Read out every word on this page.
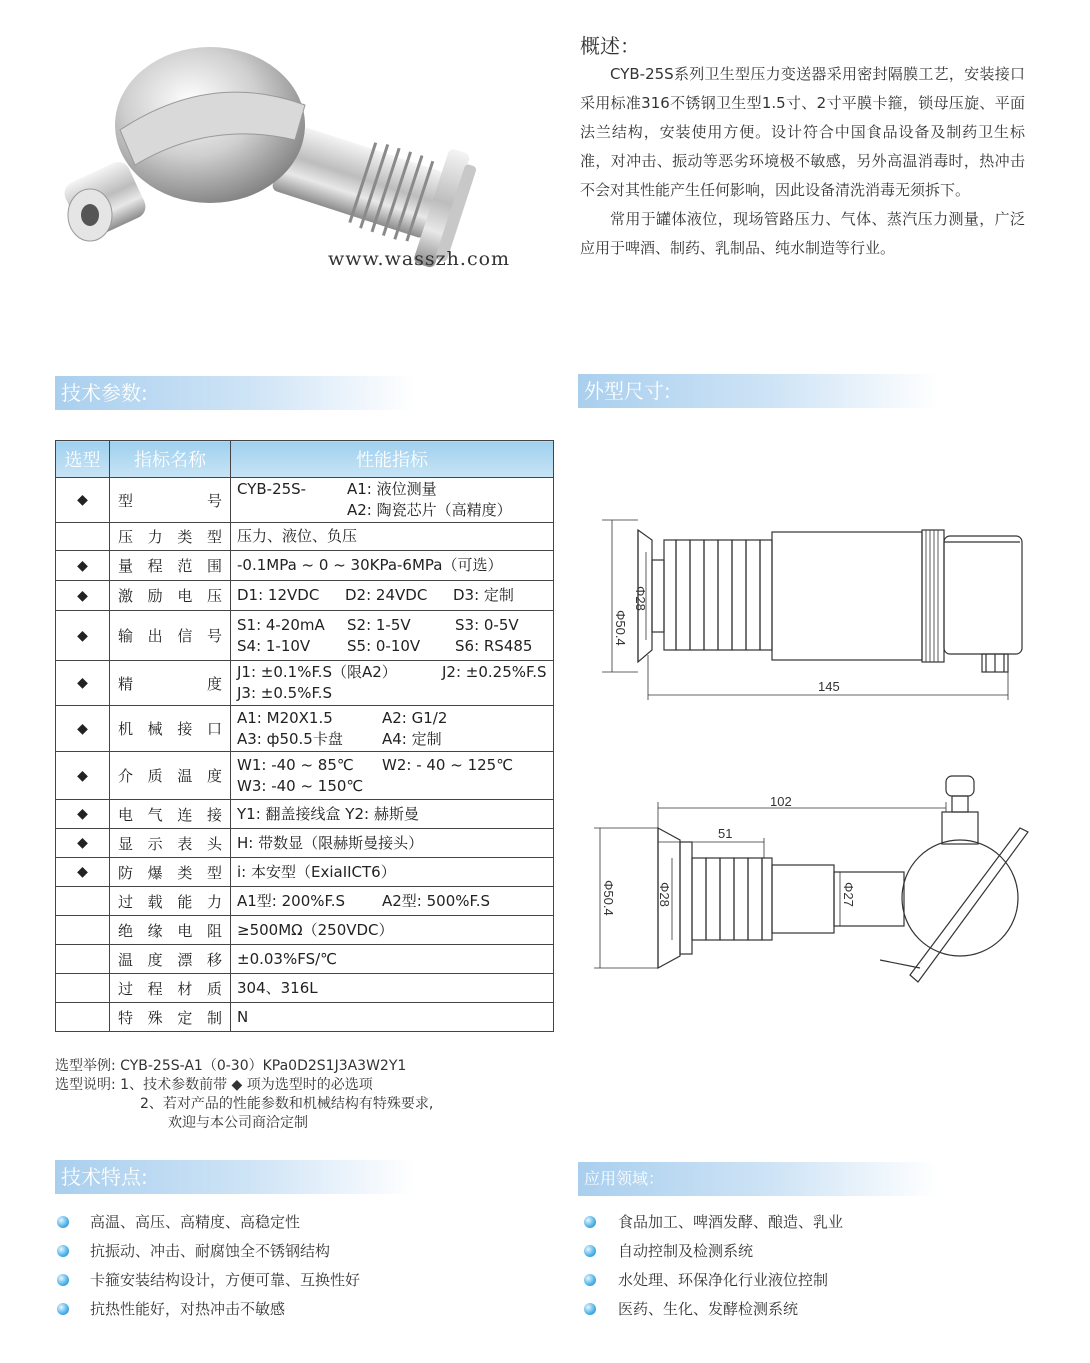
www.wasszh.com
概述：

CYB-25S系列卫生型压力变送器采用密封隔膜工艺，安装接口采用标准316不锈钢卫生型1.5寸、2寸平膜卡箍，锁母压旋、平面法兰结构，安装使用方便。设计符合中国食品设备及制药卫生标准，对冲击、振动等恶劣环境极不敏感，另外高温消毒时，热冲击不会对其性能产生任何影响，因此设备清洗消毒无须拆下。

常用于罐体液位，现场管路压力、气体、蒸汽压力测量，广泛应用于啤酒、制药、乳制品、纯水制造等行业。

技术参数:	外型尺寸:
技术特点:	应用领域：
选型	指标名称	性能指标
◆	型号	CYB-25S- A1: 液位测量
A2: 陶瓷芯片（高精度）

	压力类型	压力、液位、负压
◆	量程范围	-0.1MPa ~ 0 ~ 30KPa-6MPa（可选）
◆	激励电压	D1: 12VDC D2: 24VDC D3: 定制
◆	输出信号	S1: 4-20mA S2: 1-5V S3: 0-5V
S4: 1-10V S5: 0-10V S6: RS485

◆	精度	J1: ±0.1%F.S（限A2） J2: ±0.25%F.S
J3: ±0.5%F.S

◆	机械接口	A1: M20X1.5 A2: G1/2
A3: ф50.5卡盘 A4: 定制

◆	介质温度	W1: -40 ~ 85℃ W2: - 40 ~ 125℃
W3: -40 ~ 150℃

◆	电气连接	Y1: 翻盖接线盒 Y2: 赫斯曼
◆	显示表头	H: 带数显（限赫斯曼接头）
◆	防爆类型	i: 本安型（ExiaIICT6）
	过载能力	A1型: 200%F.S A2型: 500%F.S
	绝缘电阻	≥500MΩ（250VDC）
	温度漂移	±0.03%FS/℃
	过程材质	304、316L
	特殊定制	N
选型举例: CYB-25S-A1（0-30）KPa0D2S1J3A3W2Y1
选型说明: 1、技术参数前带 ◆ 项为选型时的必选项
2、若对产品的性能参数和机械结构有特殊要求,
欢迎与本公司商洽定制
Φ50.4
Φ28
145
102
51
Φ50.4	Φ28	Φ27
高温、高压、高精度、高稳定性
抗振动、冲击、耐腐蚀全不锈钢结构
卡箍安装结构设计，方便可靠、互换性好
抗热性能好，对热冲击不敏感
食品加工、啤酒发酵、酿造、乳业
自动控制及检测系统
水处理、环保净化行业液位控制
医药、生化、发酵检测系统
